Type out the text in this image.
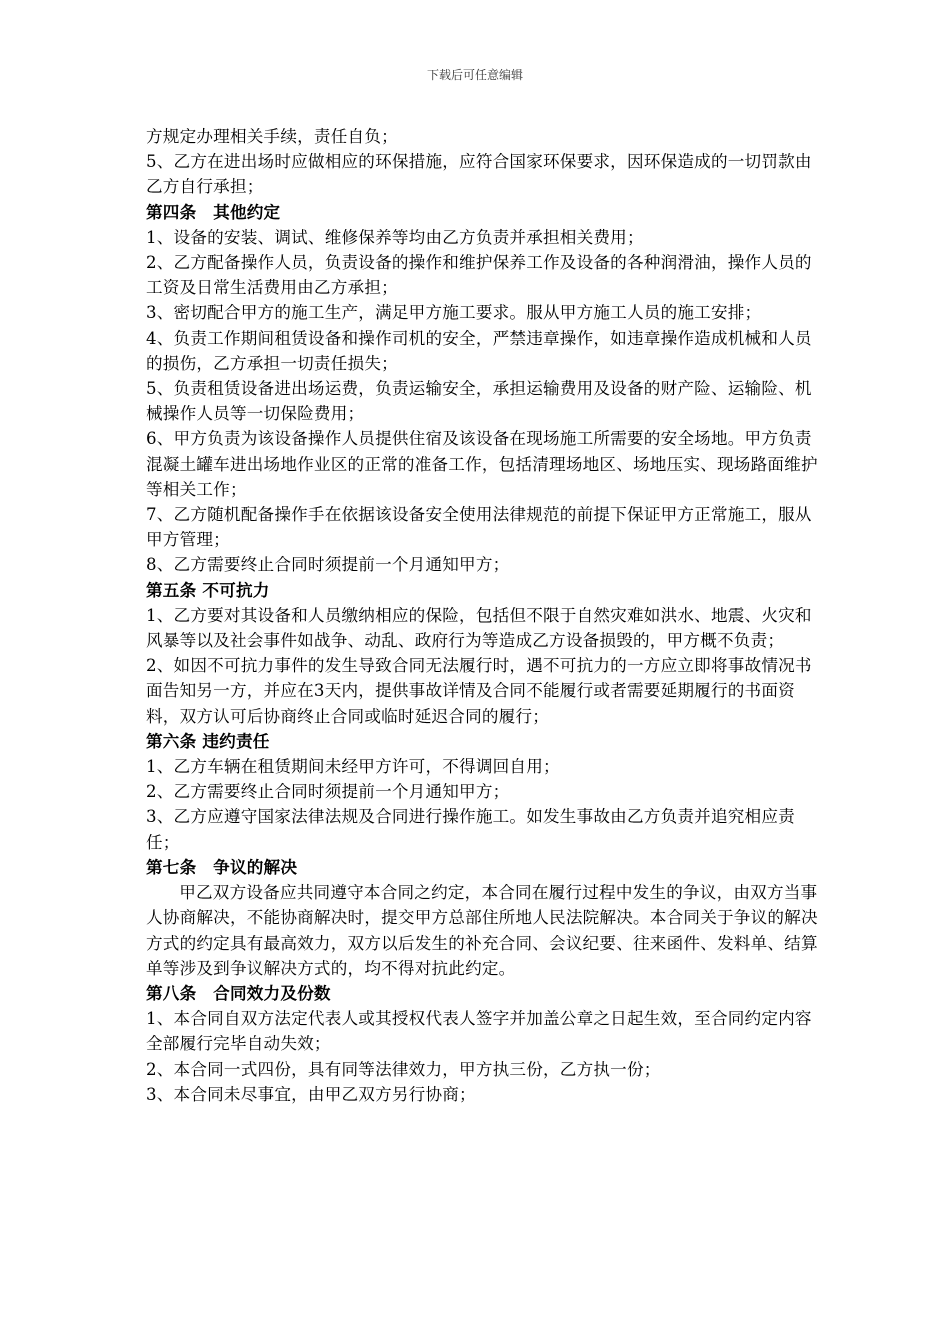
下载后可任意编辑

方规定办理相关手续，责任自负；

5、乙方在进出场时应做相应的环保措施，应符合国家环保要求，因环保造成的一切罚款由乙方自行承担；

第四条　其他约定

1、设备的安装、调试、维修保养等均由乙方负责并承担相关费用；

2、乙方配备操作人员，负责设备的操作和维护保养工作及设备的各种润滑油，操作人员的工资及日常生活费用由乙方承担；

3、密切配合甲方的施工生产，满足甲方施工要求。服从甲方施工人员的施工安排；

4、负责工作期间租赁设备和操作司机的安全，严禁违章操作，如违章操作造成机械和人员的损伤，乙方承担一切责任损失；

5、负责租赁设备进出场运费，负责运输安全，承担运输费用及设备的财产险、运输险、机械操作人员等一切保险费用；

6、甲方负责为该设备操作人员提供住宿及该设备在现场施工所需要的安全场地。甲方负责混凝土罐车进出场地作业区的正常的准备工作，包括清理场地区、场地压实、现场路面维护等相关工作；

7、乙方随机配备操作手在依据该设备安全使用法律规范的前提下保证甲方正常施工，服从甲方管理；

8、乙方需要终止合同时须提前一个月通知甲方；

第五条 不可抗力

1、乙方要对其设备和人员缴纳相应的保险，包括但不限于自然灾难如洪水、地震、火灾和风暴等以及社会事件如战争、动乱、政府行为等造成乙方设备损毁的，甲方概不负责；

2、如因不可抗力事件的发生导致合同无法履行时，遇不可抗力的一方应立即将事故情况书面告知另一方，并应在3天内，提供事故详情及合同不能履行或者需要延期履行的书面资料，双方认可后协商终止合同或临时延迟合同的履行；

第六条 违约责任

1、乙方车辆在租赁期间未经甲方许可，不得调回自用；

2、乙方需要终止合同时须提前一个月通知甲方；

3、乙方应遵守国家法律法规及合同进行操作施工。如发生事故由乙方负责并追究相应责任；

第七条　争议的解决

甲乙双方设备应共同遵守本合同之约定，本合同在履行过程中发生的争议，由双方当事人协商解决，不能协商解决时，提交甲方总部住所地人民法院解决。本合同关于争议的解决方式的约定具有最高效力，双方以后发生的补充合同、会议纪要、往来函件、发料单、结算单等涉及到争议解决方式的，均不得对抗此约定。

第八条　合同效力及份数

1、本合同自双方法定代表人或其授权代表人签字并加盖公章之日起生效，至合同约定内容全部履行完毕自动失效；

2、本合同一式四份，具有同等法律效力，甲方执三份，乙方执一份；

3、本合同未尽事宜，由甲乙双方另行协商；
